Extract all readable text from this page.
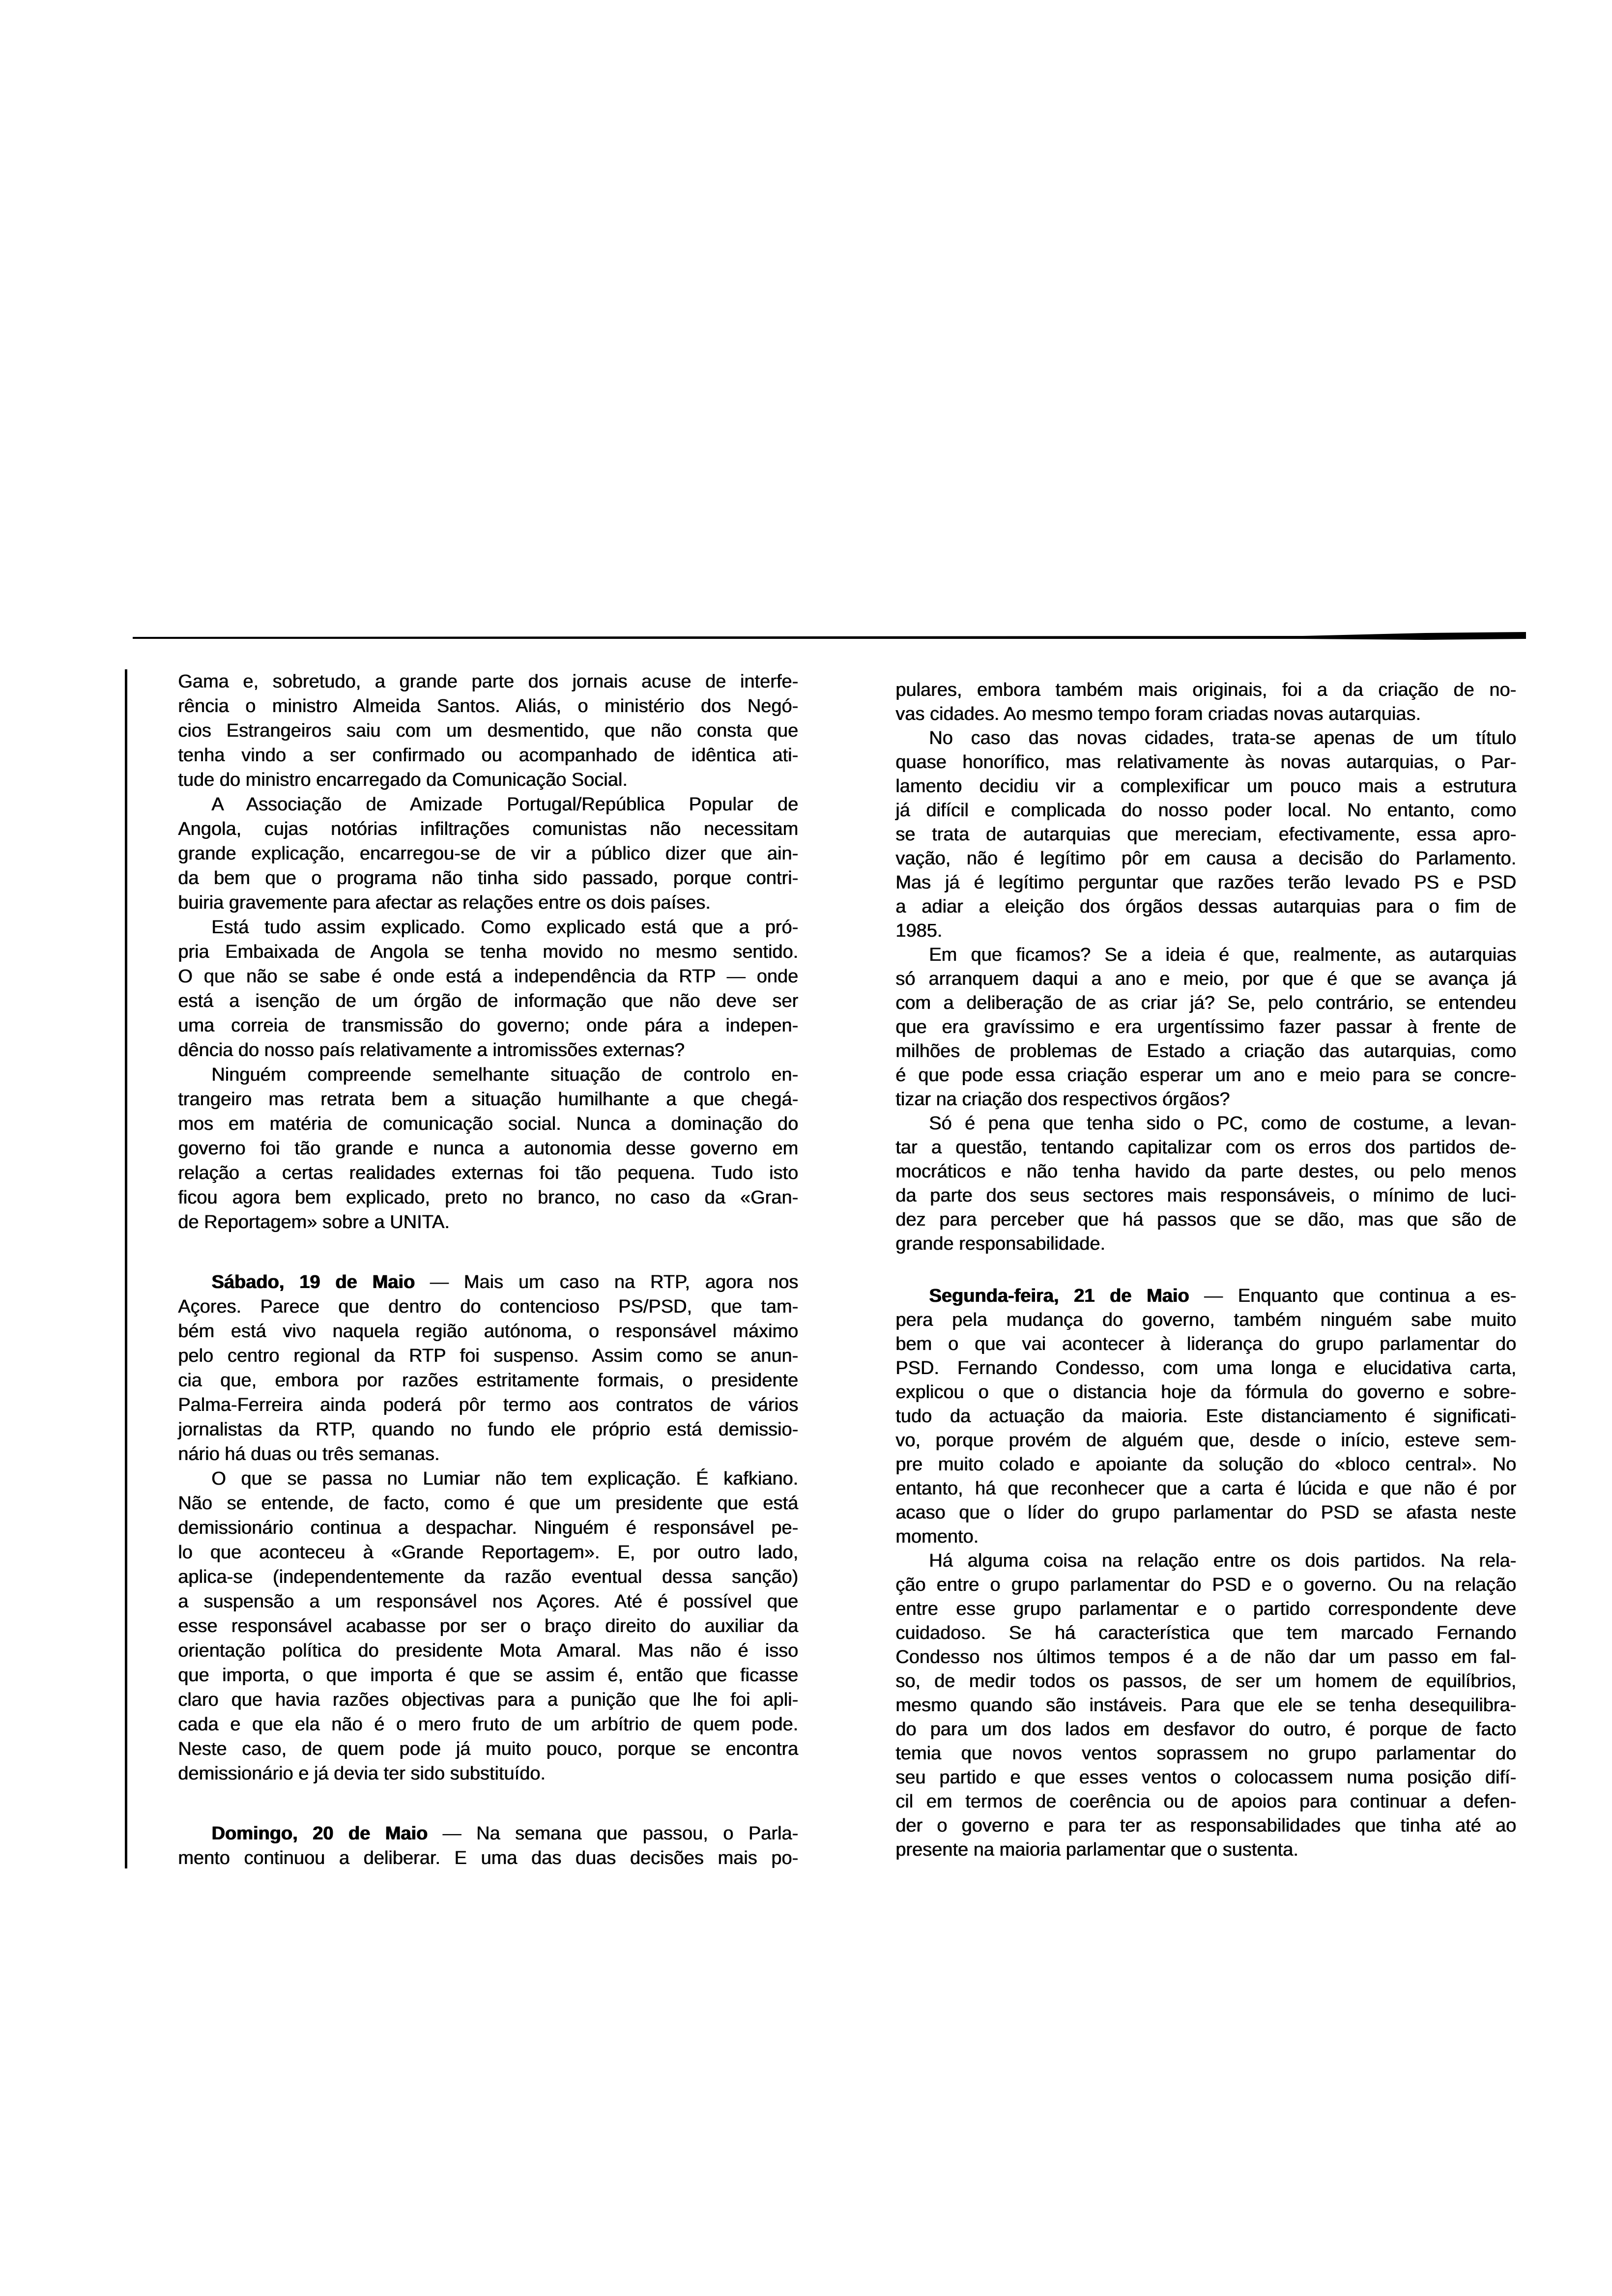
Gama e, sobretudo, a grande parte dos jornais acuse de interfe-
rência o ministro Almeida Santos. Aliás, o ministério dos Negó-
cios Estrangeiros saiu com um desmentido, que não consta que
tenha vindo a ser confirmado ou acompanhado de idêntica ati-
tude do ministro encarregado da Comunicação Social.
A Associação de Amizade Portugal/República Popular de
Angola, cujas notórias infiltrações comunistas não necessitam
grande explicação, encarregou-se de vir a público dizer que ain-
da bem que o programa não tinha sido passado, porque contri-
buiria gravemente para afectar as relações entre os dois países.
Está tudo assim explicado. Como explicado está que a pró-
pria Embaixada de Angola se tenha movido no mesmo sentido.
O que não se sabe é onde está a independência da RTP — onde
está a isenção de um órgão de informação que não deve ser
uma correia de transmissão do governo; onde pára a indepen-
dência do nosso país relativamente a intromissões externas?
Ninguém compreende semelhante situação de controlo en-
trangeiro mas retrata bem a situação humilhante a que chegá-
mos em matéria de comunicação social. Nunca a dominação do
governo foi tão grande e nunca a autonomia desse governo em
relação a certas realidades externas foi tão pequena. Tudo isto
ficou agora bem explicado, preto no branco, no caso da «Gran-
de Reportagem» sobre a UNITA.
Sábado, 19 de Maio — Mais um caso na RTP, agora nos
Açores. Parece que dentro do contencioso PS/PSD, que tam-
bém está vivo naquela região autónoma, o responsável máximo
pelo centro regional da RTP foi suspenso. Assim como se anun-
cia que, embora por razões estritamente formais, o presidente
Palma-Ferreira ainda poderá pôr termo aos contratos de vários
jornalistas da RTP, quando no fundo ele próprio está demissio-
nário há duas ou três semanas.
O que se passa no Lumiar não tem explicação. É kafkiano.
Não se entende, de facto, como é que um presidente que está
demissionário continua a despachar. Ninguém é responsável pe-
lo que aconteceu à «Grande Reportagem». E, por outro lado,
aplica-se (independentemente da razão eventual dessa sanção)
a suspensão a um responsável nos Açores. Até é possível que
esse responsável acabasse por ser o braço direito do auxiliar da
orientação política do presidente Mota Amaral. Mas não é isso
que importa, o que importa é que se assim é, então que ficasse
claro que havia razões objectivas para a punição que lhe foi apli-
cada e que ela não é o mero fruto de um arbítrio de quem pode.
Neste caso, de quem pode já muito pouco, porque se encontra
demissionário e já devia ter sido substituído.
Domingo, 20 de Maio — Na semana que passou, o Parla-
mento continuou a deliberar. E uma das duas decisões mais po-
pulares, embora também mais originais, foi a da criação de no-
vas cidades. Ao mesmo tempo foram criadas novas autarquias.
No caso das novas cidades, trata-se apenas de um título
quase honorífico, mas relativamente às novas autarquias, o Par-
lamento decidiu vir a complexificar um pouco mais a estrutura
já difícil e complicada do nosso poder local. No entanto, como
se trata de autarquias que mereciam, efectivamente, essa apro-
vação, não é legítimo pôr em causa a decisão do Parlamento.
Mas já é legítimo perguntar que razões terão levado PS e PSD
a adiar a eleição dos órgãos dessas autarquias para o fim de
1985.
Em que ficamos? Se a ideia é que, realmente, as autarquias
só arranquem daqui a ano e meio, por que é que se avança já
com a deliberação de as criar já? Se, pelo contrário, se entendeu
que era gravíssimo e era urgentíssimo fazer passar à frente de
milhões de problemas de Estado a criação das autarquias, como
é que pode essa criação esperar um ano e meio para se concre-
tizar na criação dos respectivos órgãos?
Só é pena que tenha sido o PC, como de costume, a levan-
tar a questão, tentando capitalizar com os erros dos partidos de-
mocráticos e não tenha havido da parte destes, ou pelo menos
da parte dos seus sectores mais responsáveis, o mínimo de luci-
dez para perceber que há passos que se dão, mas que são de
grande responsabilidade.
Segunda-feira, 21 de Maio — Enquanto que continua a es-
pera pela mudança do governo, também ninguém sabe muito
bem o que vai acontecer à liderança do grupo parlamentar do
PSD. Fernando Condesso, com uma longa e elucidativa carta,
explicou o que o distancia hoje da fórmula do governo e sobre-
tudo da actuação da maioria. Este distanciamento é significati-
vo, porque provém de alguém que, desde o início, esteve sem-
pre muito colado e apoiante da solução do «bloco central». No
entanto, há que reconhecer que a carta é lúcida e que não é por
acaso que o líder do grupo parlamentar do PSD se afasta neste
momento.
Há alguma coisa na relação entre os dois partidos. Na rela-
ção entre o grupo parlamentar do PSD e o governo. Ou na relação
entre esse grupo parlamentar e o partido correspondente deve
cuidadoso. Se há característica que tem marcado Fernando
Condesso nos últimos tempos é a de não dar um passo em fal-
so, de medir todos os passos, de ser um homem de equilíbrios,
mesmo quando são instáveis. Para que ele se tenha desequilibra-
do para um dos lados em desfavor do outro, é porque de facto
temia que novos ventos soprassem no grupo parlamentar do
seu partido e que esses ventos o colocassem numa posição difí-
cil em termos de coerência ou de apoios para continuar a defen-
der o governo e para ter as responsabilidades que tinha até ao
presente na maioria parlamentar que o sustenta.
